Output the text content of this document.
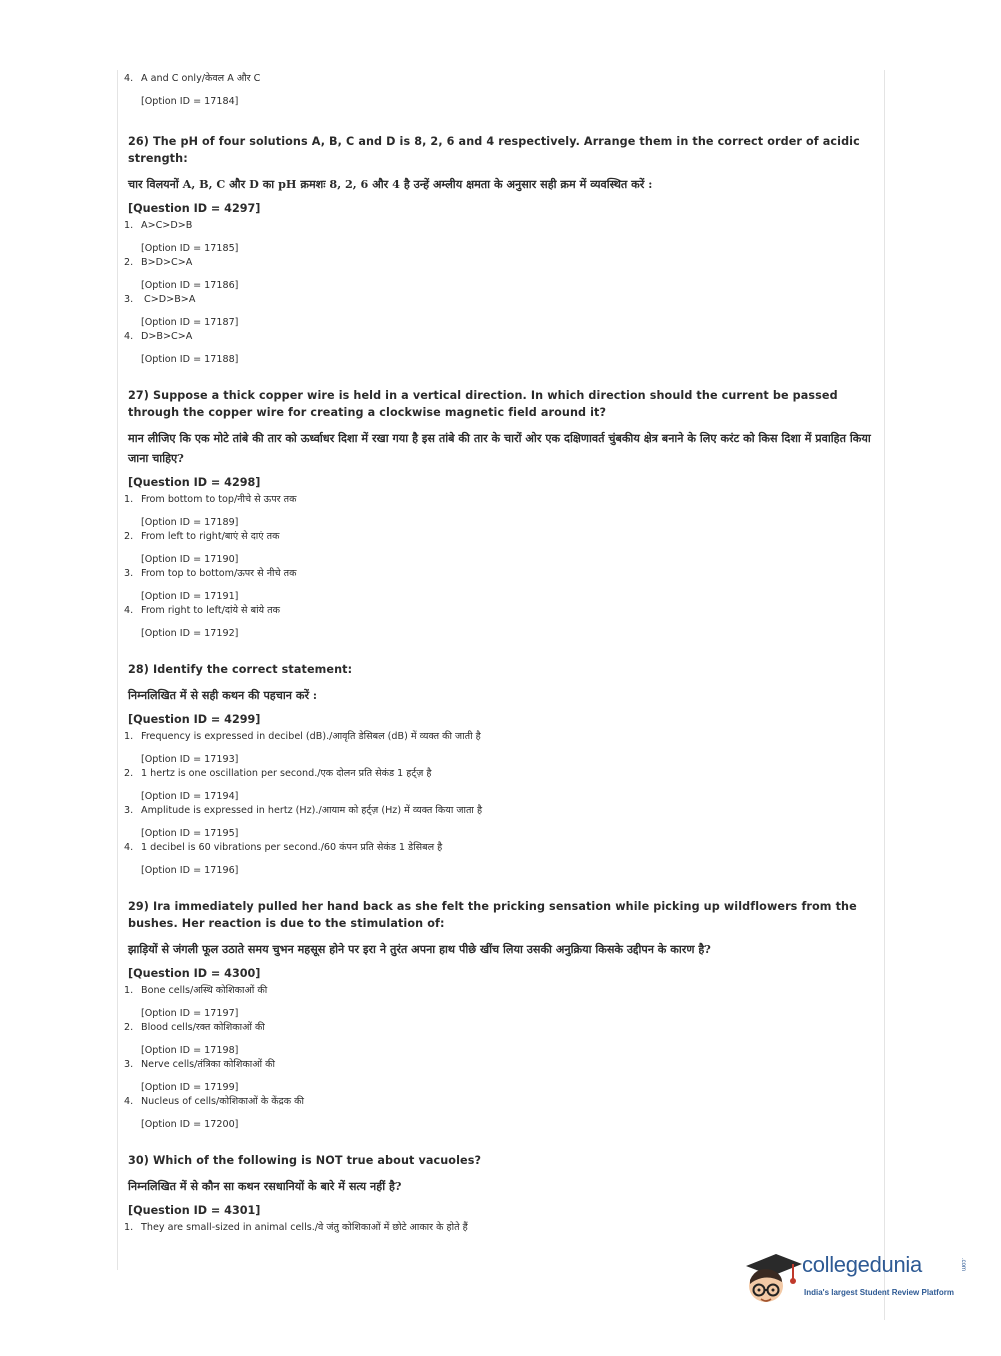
4. A and C only/केवल A और C
[Option ID = 17184]
26) The pH of four solutions A, B, C and D is 8, 2, 6 and 4 respectively. Arrange them in the correct order of acidic strength:
चार विलयनों A, B, C और D का pH क्रमशः 8, 2, 6 और 4 है उन्हें अम्लीय क्षमता के अनुसार सही क्रम में व्यवस्थित करें :
[Question ID = 4297]
1. A>C>D>B
[Option ID = 17185]
2. B>D>C>A
[Option ID = 17186]
3. C>D>B>A
[Option ID = 17187]
4. D>B>C>A
[Option ID = 17188]
27) Suppose a thick copper wire is held in a vertical direction. In which direction should the current be passed through the copper wire for creating a clockwise magnetic field around it?
मान लीजिए कि एक मोटे तांबे की तार को ऊर्ध्वाधर दिशा में रखा गया है इस तांबे की तार के चारों ओर एक दक्षिणावर्त चुंबकीय क्षेत्र बनाने के लिए करंट को किस दिशा में प्रवाहित किया जाना चाहिए?
[Question ID = 4298]
1. From bottom to top/नीचे से ऊपर तक
[Option ID = 17189]
2. From left to right/बाएं से दाएं तक
[Option ID = 17190]
3. From top to bottom/ऊपर से नीचे तक
[Option ID = 17191]
4. From right to left/दांये से बांये तक
[Option ID = 17192]
28) Identify the correct statement:
निम्नलिखित में से सही कथन की पहचान करें :
[Question ID = 4299]
1. Frequency is expressed in decibel (dB)./आवृति डेसिबल (dB) में व्यक्त की जाती है
[Option ID = 17193]
2. 1 hertz is one oscillation per second./एक दोलन प्रति सेकंड 1 हर्ट्ज़ है
[Option ID = 17194]
3. Amplitude is expressed in hertz (Hz)./आयाम को हर्ट्ज़ (Hz) में व्यक्त किया जाता है
[Option ID = 17195]
4. 1 decibel is 60 vibrations per second./60 कंपन प्रति सेकंड 1 डेसिबल है
[Option ID = 17196]
29) Ira immediately pulled her hand back as she felt the pricking sensation while picking up wildflowers from the bushes. Her reaction is due to the stimulation of:
झाड़ियों से जंगली फूल उठाते समय चुभन महसूस होने पर इरा ने तुरंत अपना हाथ पीछे खींच लिया उसकी अनुक्रिया किसके उद्दीपन के कारण है?
[Question ID = 4300]
1. Bone cells/अस्थि कोशिकाओं की
[Option ID = 17197]
2. Blood cells/रक्त कोशिकाओं की
[Option ID = 17198]
3. Nerve cells/तंत्रिका कोशिकाओं की
[Option ID = 17199]
4. Nucleus of cells/कोशिकाओं के केंद्रक की
[Option ID = 17200]
30) Which of the following is NOT true about vacuoles?
निम्नलिखित में से कौन सा कथन रसधानियों के बारे में सत्य नहीं है?
[Question ID = 4301]
1. They are small-sized in animal cells./वे जंतु कोशिकाओं में छोटे आकार के होते हैं
collegedunia	.com
India's largest Student Review Platform
